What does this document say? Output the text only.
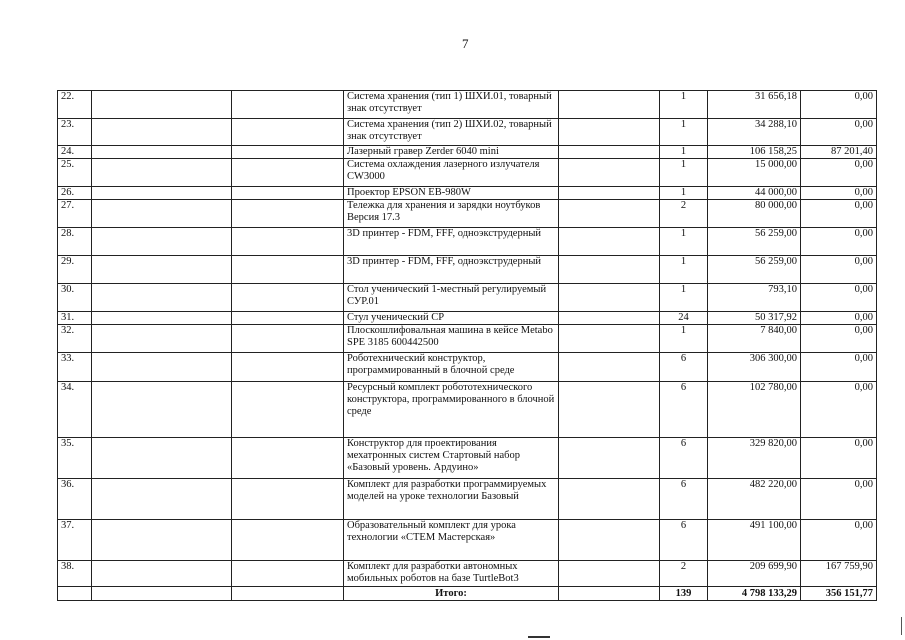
7
22.			Система хранения (тип 1) ШХИ.01, товарный знак отсутствует		1	31 656,18	0,00
23.			Система хранения (тип 2) ШХИ.02, товарный знак отсутствует		1	34 288,10	0,00
24.			Лазерный гравер Zerder 6040 mini		1	106 158,25	87 201,40
25.			Система охлаждения лазерного излучателя CW3000		1	15 000,00	0,00
26.			Проектор EPSON EB-980W		1	44 000,00	0,00
27.			Тележка для хранения и зарядки ноутбуков Версия 17.3		2	80 000,00	0,00
28.			3D принтер - FDM, FFF, одноэкструдерный		1	56 259,00	0,00
29.			3D принтер - FDM, FFF, одноэкструдерный		1	56 259,00	0,00
30.			Стол ученический 1-местный регулируемый СУР.01		1	793,10	0,00
31.			Стул ученический СР		24	50 317,92	0,00
32.			Плоскошлифовальная машина в кейсе Metabo SPE 3185 600442500		1	7 840,00	0,00
33.			Роботехнический конструктор, программированный в блочной среде		6	306 300,00	0,00
34.			Ресурсный комплект робототехнического конструктора, программированного в блочной среде		6	102 780,00	0,00
35.			Конструктор для проектирования мехатронных систем Стартовый набор «Базовый уровень. Ардуино»		6	329 820,00	0,00
36.			Комплект для разработки программируемых моделей на уроке технологии Базовый		6	482 220,00	0,00
37.			Образовательный комплект для урока технологии «СТЕМ Мастерская»		6	491 100,00	0,00
38.			Комплект для разработки автономных мобильных роботов на базе TurtleBot3		2	209 699,90	167 759,90
			Итого:		139	4 798 133,29	356 151,77
